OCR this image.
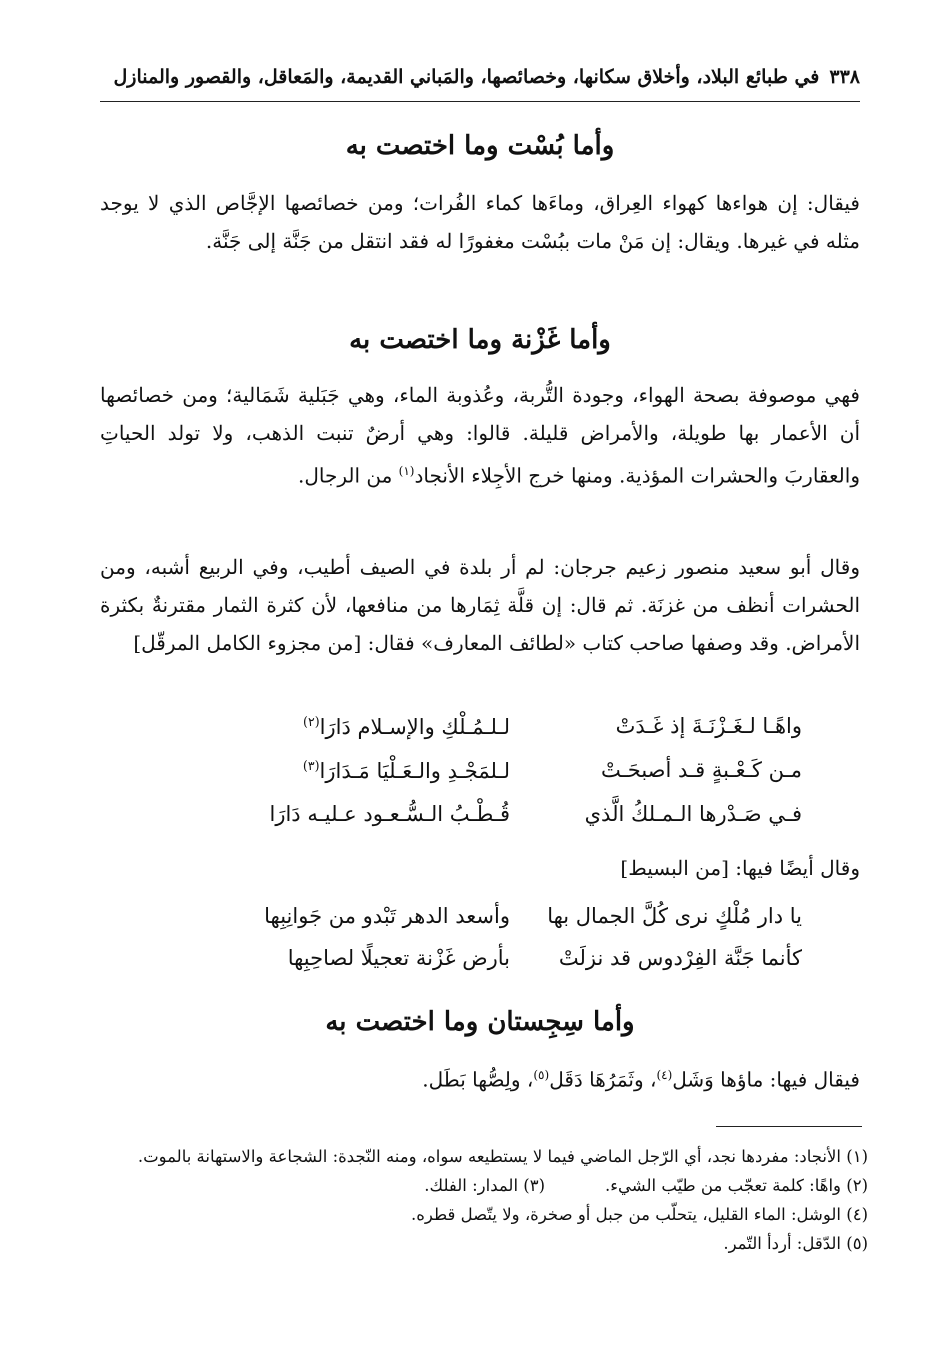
٣٣٨
في طبائع البلاد، وأخلاق سكانها، وخصائصها، والمَباني القديمة، والمَعاقل، والقصور والمنازل
وأما بُسْت وما اختصت به

فيقال: إن هواءها كهواء العِراق، وماءَها كماء الفُرات؛ ومن خصائصها الإجَّاص الذي لا يوجد مثله في غيرها. ويقال: إن مَنْ مات ببُسْت مغفورًا له فقد انتقل من جَنَّة إلى جَنَّة.

وأما غَزْنة وما اختصت به

فهي موصوفة بصحة الهواء، وجودة التُّربة، وعُذوبة الماء، وهي جَبَلية شَمَالية؛ ومن خصائصها أن الأعمار بها طويلة، والأمراض قليلة. قالوا: وهي أرضٌ تنبت الذهب، ولا تولد الحياتِ والعقاربَ والحشرات المؤذية. ومنها خرج الأجِلاء الأنجاد$^{(١)}$ من الرجال.

وقال أبو سعيد منصور زعيم جرجان: لم أر بلدة في الصيف أطيب، وفي الربيع أشبه، ومن الحشرات أنظف من غزنَة. ثم قال: إن قلَّة ثِمَارها من منافعها، لأن كثرة الثمار مقترنةٌ بكثرة الأمراض. وقد وصفها صاحب كتاب «لطائف المعارف» فقال: [من مجزوء الكامل المرقّل]

واهًـا لـغَـزْنَـةَ إذ غَـدَتْ
لـلـمُـلْكِ والإسـلام دَارَا$^{(٢)}$
مـن كَـعْـبةٍ قـد أصبحَـتْ
لـلمَجْـدِ والـعَـلْيَا مَـدَارَا$^{(٣)}$
فـي صَـدْرها الـمـلكُ الَّذي
قُـطْـبُ الـسُّـعـود عـليـه دَارَا
وقال أيضًا فيها: [من البسيط]
يا دار مُلْكٍ نرى كُلَّ الجمال بها
وأسعد الدهر تَبْدو من جَوانِبِها
كأنما جَنَّة الفِرْدوس قد نزلَتْ
بأرض غَزْنة تعجيلًا لصاحِبِها
وأما سِجِستان وما اختصت به

فيقال فيها: ماؤها وَشَل$^{(٤)}$، وثَمَرُهَا دَقَل$^{(٥)}$، ولِصُّها بَطَل.

(١) الأنجاد: مفردها نجد، أي الرّجل الماضي فيما لا يستطيعه سواه، ومنه النّجدة: الشجاعة والاستهانة بالموت.

(٢) واهًا: كلمة تعجّب من طيّب الشيء.
(٣) المدار: الفلك.

(٤) الوشل: الماء القليل، يتحلّب من جبل أو صخرة، ولا يتّصل قطره.

(٥) الدّقل: أردأ التّمر.
